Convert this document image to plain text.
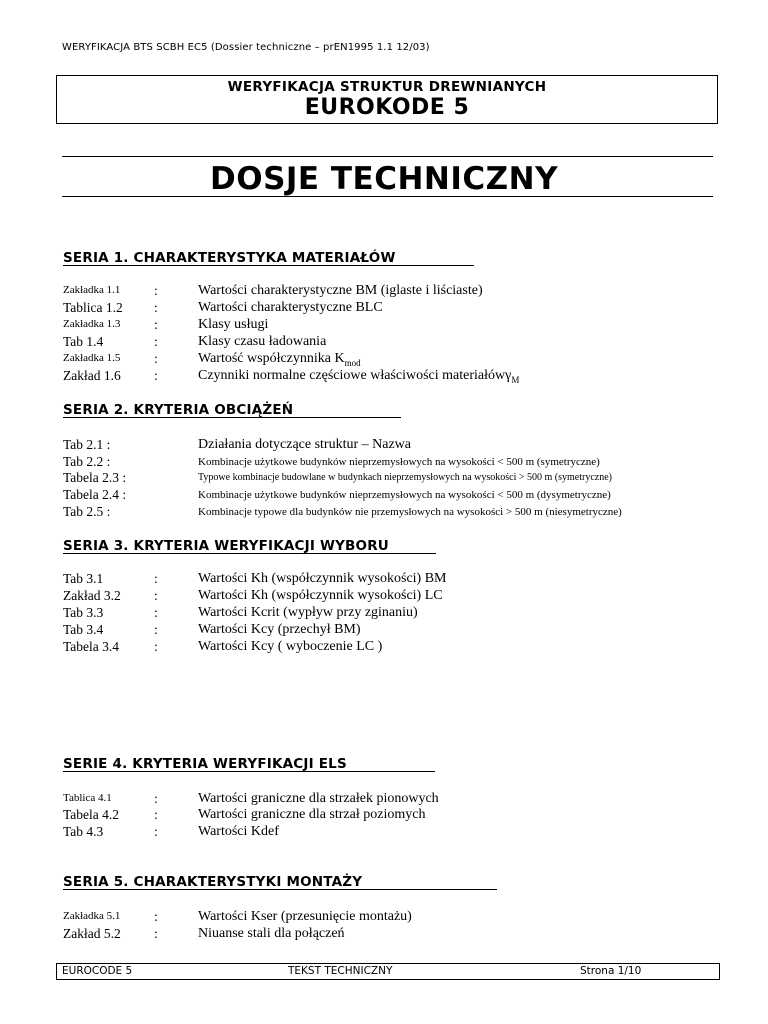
WERYFIKACJA BTS SCBH EC5 (Dossier techniczne – prEN1995 1.1 12/03)
WERYFIKACJA STRUKTUR DREWNIANYCH
EUROKODE 5
DOSJE TECHNICZNY
SERIA 1. CHARAKTERYSTYKA MATERIAŁÓW
Zakładka 1.1 :	Wartości charakterystyczne BM (iglaste i liściaste)
Tablica 1.2 :	Wartości charakterystyczne BLC
Zakładka 1.3 :	Klasy usługi
Tab 1.4	:	Klasy czasu ładowania
Zakładka 1.5 :	Wartość współczynnika $K_{mod}$
Zakład 1.6 :	Czynniki normalne częściowe właściwości materiałówγ$_M$
SERIA 2. KRYTERIA OBCIĄŻEŃ
Tab 2.1 :	Działania dotyczące struktur – Nazwa
Tab 2.2 :	Kombinacje użytkowe budynków nieprzemysłowych na wysokości < 500 m (symetryczne)
Tabela 2.3 :	Typowe kombinacje budowlane w budynkach nieprzemysłowych na wysokości > 500 m (symetryczne)
Tabela 2.4 :	Kombinacje użytkowe budynków nieprzemysłowych na wysokości < 500 m (dysymetryczne)
Tab 2.5 :	Kombinacje typowe dla budynków nie przemysłowych na wysokości > 500 m (niesymetryczne)
SERIA 3. KRYTERIA WERYFIKACJI WYBORU
Tab 3.1	:	Wartości Kh (współczynnik wysokości) BM
Zakład 3.2 :	Wartości Kh (współczynnik wysokości) LC
Tab 3.3	:	Wartości Kcrit (wypływ przy zginaniu)
Tab 3.4	:	Wartości Kcy (przechył BM)
Tabela 3.4	:	Wartości Kcy ( wyboczenie LC )
SERIE 4. KRYTERIA WERYFIKACJI ELS
Tablica 4.1	:	Wartości graniczne dla strzałek pionowych
Tabela 4.2	:	Wartości graniczne dla strzał poziomych
Tab 4.3	:	Wartości Kdef
SERIA 5. CHARAKTERYSTYKI MONTAŻY
Zakładka 5.1 :	Wartości Kser (przesunięcie montażu)
Zakład 5.2 :	Niuanse stali dla połączeń
EUROCODE 5	TEKST TECHNICZNY	Strona 1/10
